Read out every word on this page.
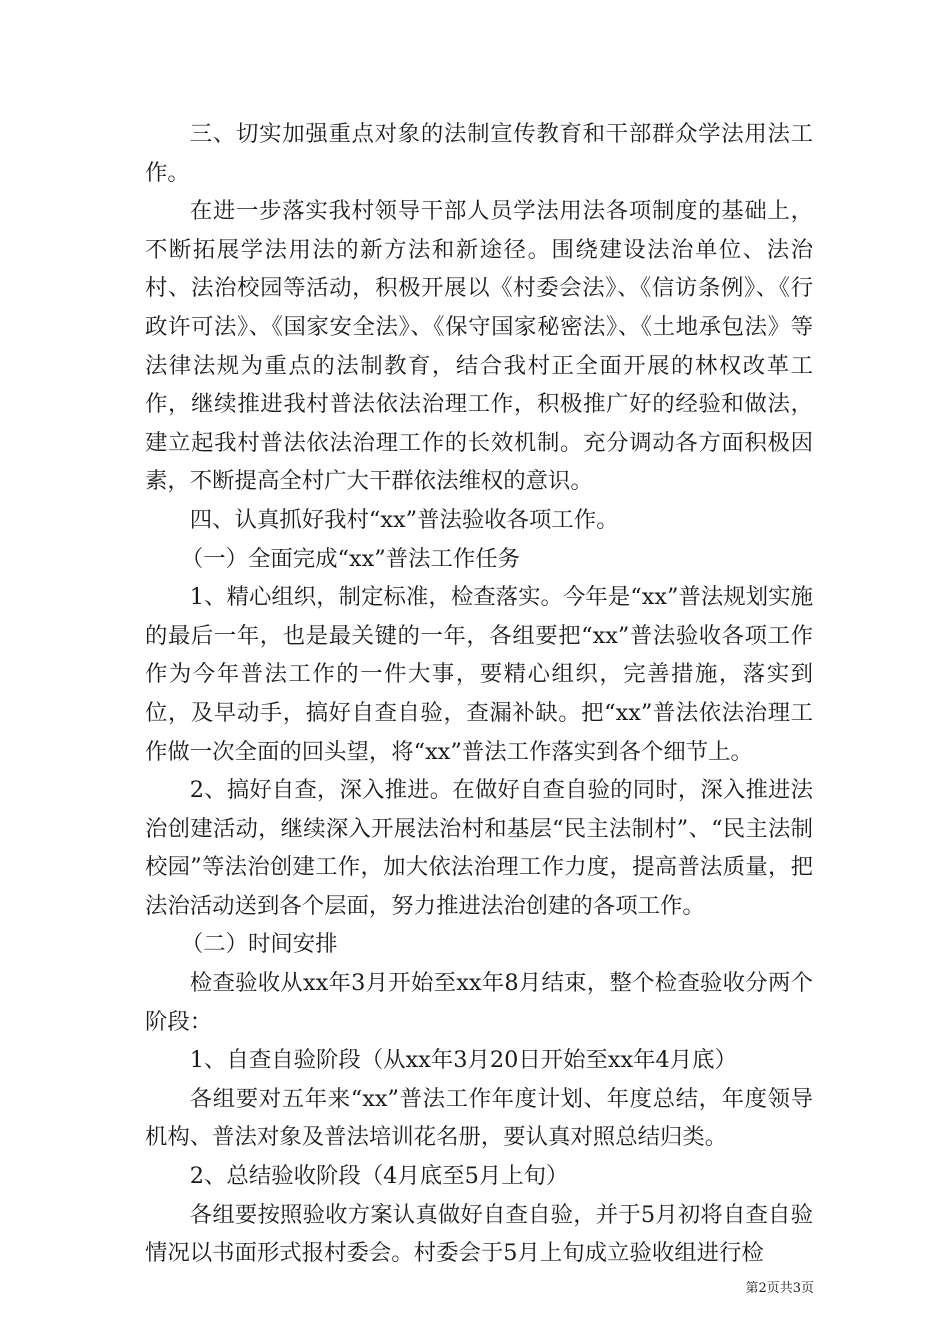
三、切实加强重点对象的法制宣传教育和干部群众学法用法工作。

在进一步落实我村领导干部人员学法用法各项制度的基础上，不断拓展学法用法的新方法和新途径。围绕建设法治单位、法治村、法治校园等活动，积极开展以《村委会法》、《信访条例》、《行政许可法》、《国家安全法》、《保守国家秘密法》、《土地承包法》等法律法规为重点的法制教育，结合我村正全面开展的林权改革工作，继续推进我村普法依法治理工作，积极推广好的经验和做法，建立起我村普法依法治理工作的长效机制。充分调动各方面积极因素，不断提高全村广大干群依法维权的意识。

四、认真抓好我村“xx”普法验收各项工作。

（一）全面完成“xx”普法工作任务

1、精心组织，制定标准，检查落实。今年是“xx”普法规划实施的最后一年，也是最关键的一年，各组要把“xx”普法验收各项工作作为今年普法工作的一件大事，要精心组织，完善措施，落实到位，及早动手，搞好自查自验，查漏补缺。把“xx”普法依法治理工作做一次全面的回头望，将“xx”普法工作落实到各个细节上。

2、搞好自查，深入推进。在做好自查自验的同时，深入推进法治创建活动，继续深入开展法治村和基层“民主法制村”、“民主法制校园”等法治创建工作，加大依法治理工作力度，提高普法质量，把法治活动送到各个层面，努力推进法治创建的各项工作。

（二）时间安排

检查验收从xx年3月开始至xx年8月结束，整个检查验收分两个阶段：

1、自查自验阶段（从xx年3月20日开始至xx年4月底）

各组要对五年来“xx”普法工作年度计划、年度总结，年度领导机构、普法对象及普法培训花名册，要认真对照总结归类。

2、总结验收阶段（4月底至5月上旬）

各组要按照验收方案认真做好自查自验，并于5月初将自查自验情况以书面形式报村委会。村委会于5月上旬成立验收组进行检

第2页共3页
